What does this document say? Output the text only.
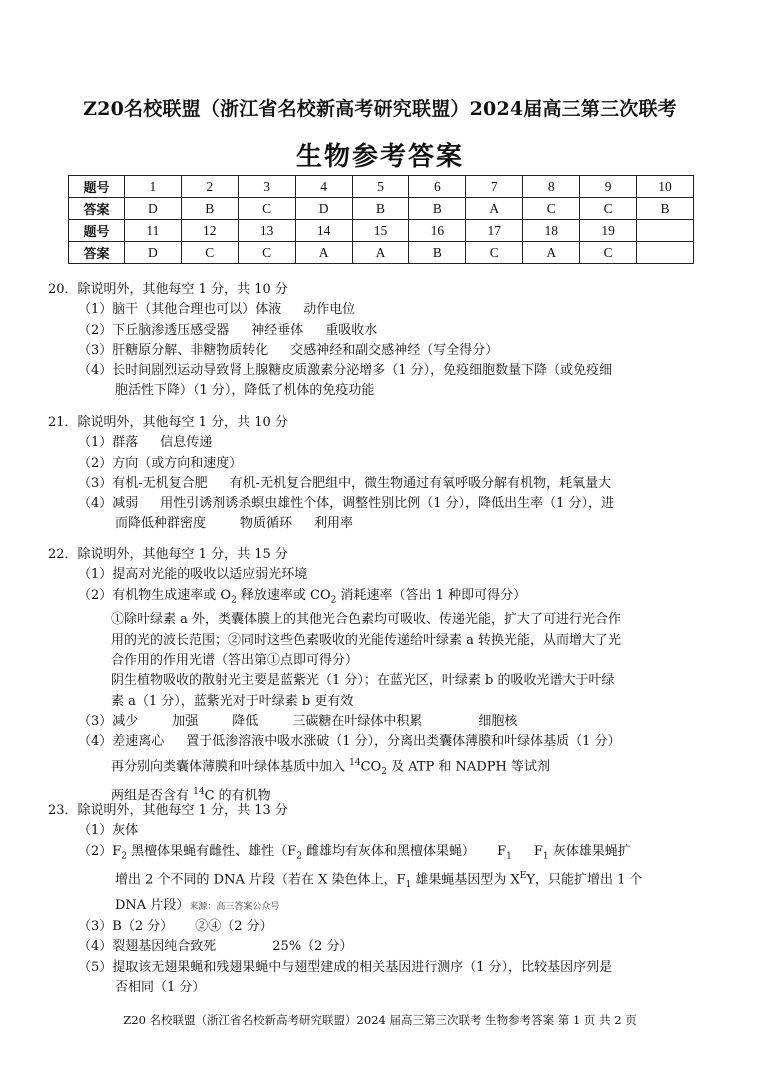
Z20名校联盟（浙江省名校新高考研究联盟）2024届高三第三次联考
生物参考答案
题号	1	2	3	4	5	6	7	8	9	10
答案	D	B	C	D	B	B	A	C	C	B
题号	11	12	13	14	15	16	17	18	19	
答案	D	C	C	A	A	B	C	A	C	
20．除说明外，其他每空 1 分，共 10 分
（1）脑干（其他合理也可以）体液 动作电位
（2）下丘脑渗透压感受器 神经垂体 重吸收水
（3）肝糖原分解、非糖物质转化 交感神经和副交感神经（写全得分）
（4）长时间剧烈运动导致肾上腺糖皮质激素分泌增多（1 分），免疫细胞数量下降（或免疫细
胞活性下降）（1 分），降低了机体的免疫功能
21．除说明外，其他每空 1 分，共 10 分
（1）群落 信息传递
（2）方向（或方向和速度）
（3）有机-无机复合肥 有机-无机复合肥组中，微生物通过有氧呼吸分解有机物，耗氧量大
（4）减弱 用性引诱剂诱杀螟虫雄性个体，调整性别比例（1 分），降低出生率（1 分），进
而降低种群密度	物质循环 利用率
22．除说明外，其他每空 1 分，共 15 分
（1）提高对光能的吸收以适应弱光环境
（2）有机物生成速率或 $O_2$ 释放速率或 $CO_2$ 消耗速率（答出 1 种即可得分）
①除叶绿素 a 外，类囊体膜上的其他光合色素均可吸收、传递光能，扩大了可进行光合作
用的光的波长范围；②同时这些色素吸收的光能传递给叶绿素 a 转换光能，从而增大了光
合作用的作用光谱（答出第①点即可得分）
阴生植物吸收的散射光主要是蓝紫光（1 分）；在蓝光区，叶绿素 b 的吸收光谱大于叶绿
素 a（1 分），蓝紫光对于叶绿素 b 更有效
（3）减少	加强	降低	三碳糖在叶绿体中积累	细胞核
（4）差速离心 置于低渗溶液中吸水涨破（1 分），分离出类囊体薄膜和叶绿体基质（1 分）
再分别向类囊体薄膜和叶绿体基质中加入 $^{14}CO_2$ 及 ATP 和 NADPH 等试剂
两组是否含有 $^{14}$C 的有机物
23．除说明外，其他每空 1 分，共 13 分
（1）灰体
$(2)F_2$ 黑檀体果蝇有雌性、雄性（$F_2$ 雌雄均有灰体和黑檀体果蝇） $F_1$ $F_1$ 灰体雄果蝇扩
增出 2 个不同的 DNA 片段（若在 X 染色体上，$F_1$ 雄果蝇基因型为 $X^EY$，只能扩增出 1 个
DNA 片段）来源：高三答案公众号
（3）B（2 分） ②④（2 分）
（4）裂翅基因纯合致死	25%（2 分）
（5）提取该无翅果蝇和残翅果蝇中与翅型建成的相关基因进行测序（1 分），比较基因序列是
否相同（1 分）
Z20 名校联盟（浙江省名校新高考研究联盟）2024 届高三第三次联考 生物参考答案 第 1 页 共 2 页
